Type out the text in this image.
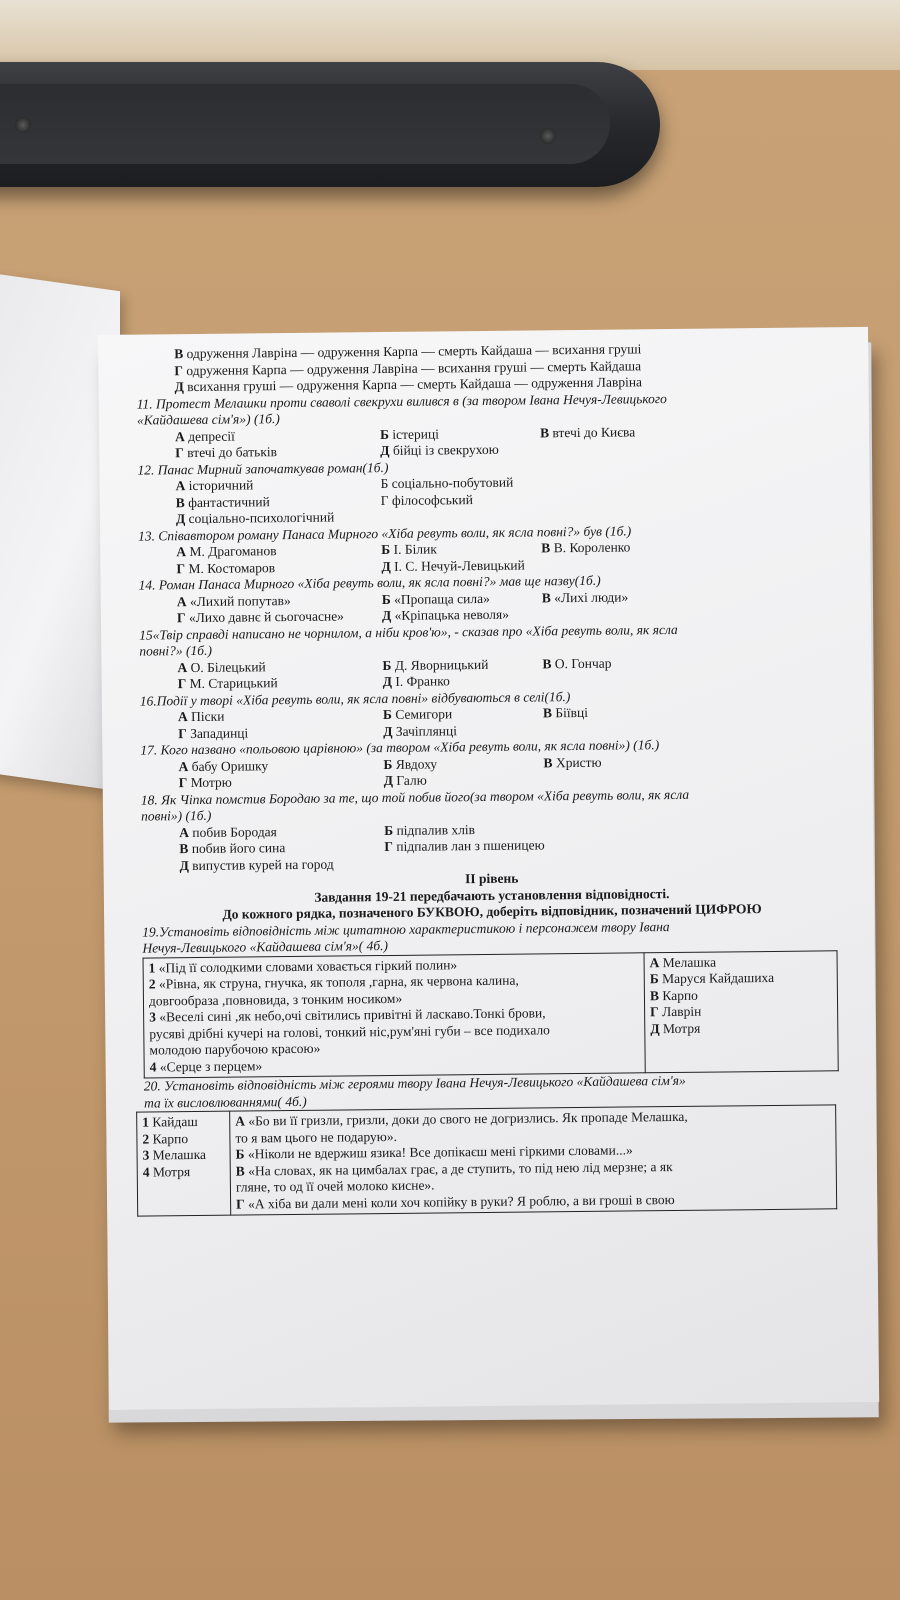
В одруження Лавріна — одруження Карпа — смерть Кайдаша — всихання груші
Г одруження Карпа — одруження Лавріна — всихання груші — смерть Кайдаша
Д всихання груші — одруження Карпа — смерть Кайдаша — одруження Лавріна
11. Протест Мелашки проти сваволі свекрухи вилився в (за твором Івана Нечуя-Левицького
«Кайдашева сім'я») (1б.)
А депресії	Б істериці	В втечі до Києва
Г втечі до батьків	Д бійці із свекрухою
12. Панас Мирний започаткував роман(1б.)
А історичний	Б соціально-побутовий
В фантастичний	Г філософський
Д соціально-психологічний
13. Співавтором роману Панаса Мирного «Хіба ревуть воли, як ясла повні?» був (1б.)
А М. Драгоманов	Б І. Білик	В В. Короленко
Г М. Костомаров	Д І. С. Нечуй-Левицький
14. Роман Панаса Мирного «Хіба ревуть воли, як ясла повні?» мав ще назву(1б.)
А «Лихий попутав»	Б «Пропаща сила»	В «Лихі люди»
Г «Лихо давнє й сьогочасне»	Д «Кріпацька неволя»
15«Твір справді написано не чорнилом, а ніби кров'ю», - сказав про «Хіба ревуть воли, як ясла
повні?» (1б.)
А О. Білецький	Б Д. Яворницький	В О. Гончар
Г М. Старицький	Д І. Франко
16.Події у творі «Хіба ревуть воли, як ясла повні» відбуваються в селі(1б.)
А Піски	Б Семигори	В Біївці
Г Западинці	Д Зачіплянці
17. Кого названо «польовою царівною» (за твором «Хіба ревуть воли, як ясла повні») (1б.)
А бабу Оришку	Б Явдоху	В Христю
Г Мотрю	Д Галю
18. Як Чіпка помстив Бородаю за те, що той побив його(за твором «Хіба ревуть воли, як ясла
повні») (1б.)
А побив Бородая	Б підпалив хлів
В побив його сина	Г підпалив лан з пшеницею
Д випустив курей на город
ІІ рівень
Завдання 19-21 передбачають установлення відповідності.
До кожного рядка, позначеного БУКВОЮ, доберіть відповідник, позначений ЦИФРОЮ
19.Установіть відповідність між цитатною характеристикою і персонажем твору Івана
Нечуя-Левицького «Кайдашева сім'я»( 4б.)
1 «Під її солодкими словами ховається гіркий полин»
2 «Рівна, як струна, гнучка, як тополя ,гарна, як червона калина,
довгообраза ,повновида, з тонким носиком»
3 «Веселі сині ,як небо,очі світились привітні й ласкаво.Тонкі брови,
русяві дрібні кучері на голові, тонкий ніс,рум'яні губи – все подихало
молодою парубочою красою»
4 «Серце з перцем»

А Мелашка
Б Маруся Кайдашиха
В Карпо
Г Лаврін
Д Мотря
20. Установіть відповідність між героями твору Івана Нечуя-Левицького «Кайдашева сім'я»
та їх висловлюваннями( 4б.)
1 Кайдаш
2 Карпо
3 Мелашка
4 Мотря

А «Бо ви її гризли, гризли, доки до свого не догризлись. Як пропаде Мелашка,
то я вам цього не подарую».
Б «Ніколи не вдержиш язика! Все допікаєш мені гіркими словами...»
В «На словах, як на цимбалах грає, а де ступить, то під нею лід мерзне; а як
гляне, то од її очей молоко кисне».
Г «А хіба ви дали мені коли хоч копійку в руки? Я роблю, а ви гроші в свою
